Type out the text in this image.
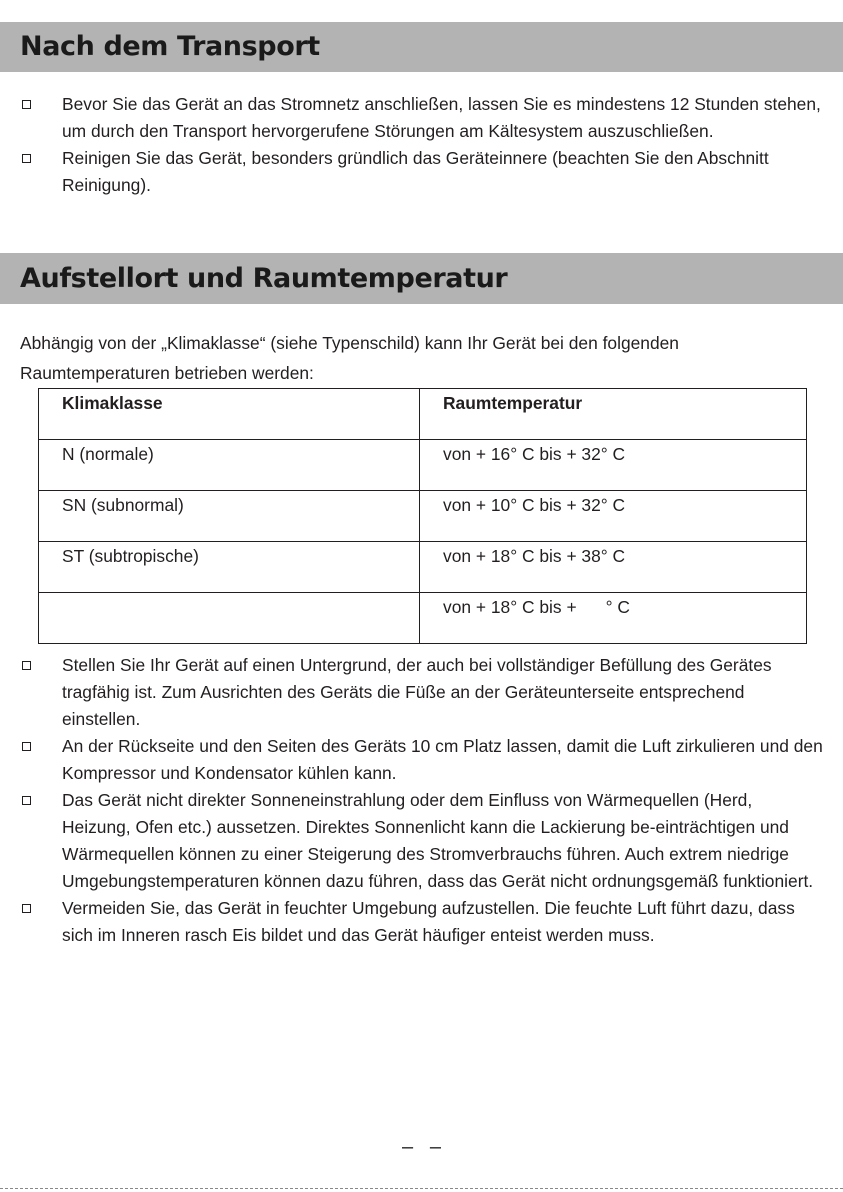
Nach dem Transport
Bevor Sie das Gerät an das Stromnetz anschließen, lassen Sie es mindestens 12 Stunden stehen, um durch den Transport hervorgerufene Störungen am Kältesystem auszuschließen.
Reinigen Sie das Gerät, besonders gründlich das Geräteinnere (beachten Sie den Abschnitt Reinigung).
Aufstellort und Raumtemperatur

Abhängig von der „Klimaklasse“ (siehe Typenschild) kann Ihr Gerät bei den folgenden Raumtemperaturen betrieben werden:

Klimaklasse	Raumtemperatur
N (normale)	von + 16° C bis + 32° C
SN (subnormal)	von + 10° C bis + 32° C
ST (subtropische)	von + 18° C bis + 38° C
	von + 18° C bis +      ° C
Stellen Sie Ihr Gerät auf einen Untergrund, der auch bei vollständiger Befüllung des Gerätes tragfähig ist. Zum Ausrichten des Geräts die Füße an der Geräteunterseite entsprechend einstellen.
An der Rückseite und den Seiten des Geräts 10 cm Platz lassen, damit die Luft zirkulieren und den Kompressor und Kondensator kühlen kann.
Das Gerät nicht direkter Sonneneinstrahlung oder dem Einfluss von Wärmequellen (Herd, Heizung, Ofen etc.) aussetzen. Direktes Sonnenlicht kann die Lackierung be-einträchtigen und Wärmequellen können zu einer Steigerung des Stromverbrauchs führen. Auch extrem niedrige Umgebungstemperaturen können dazu führen, dass das Gerät nicht ordnungsgemäß funktioniert.
Vermeiden Sie, das Gerät in feuchter Umgebung aufzustellen. Die feuchte Luft führt dazu, dass sich im Inneren rasch Eis bildet und das Gerät häufiger enteist werden muss.
–   –
